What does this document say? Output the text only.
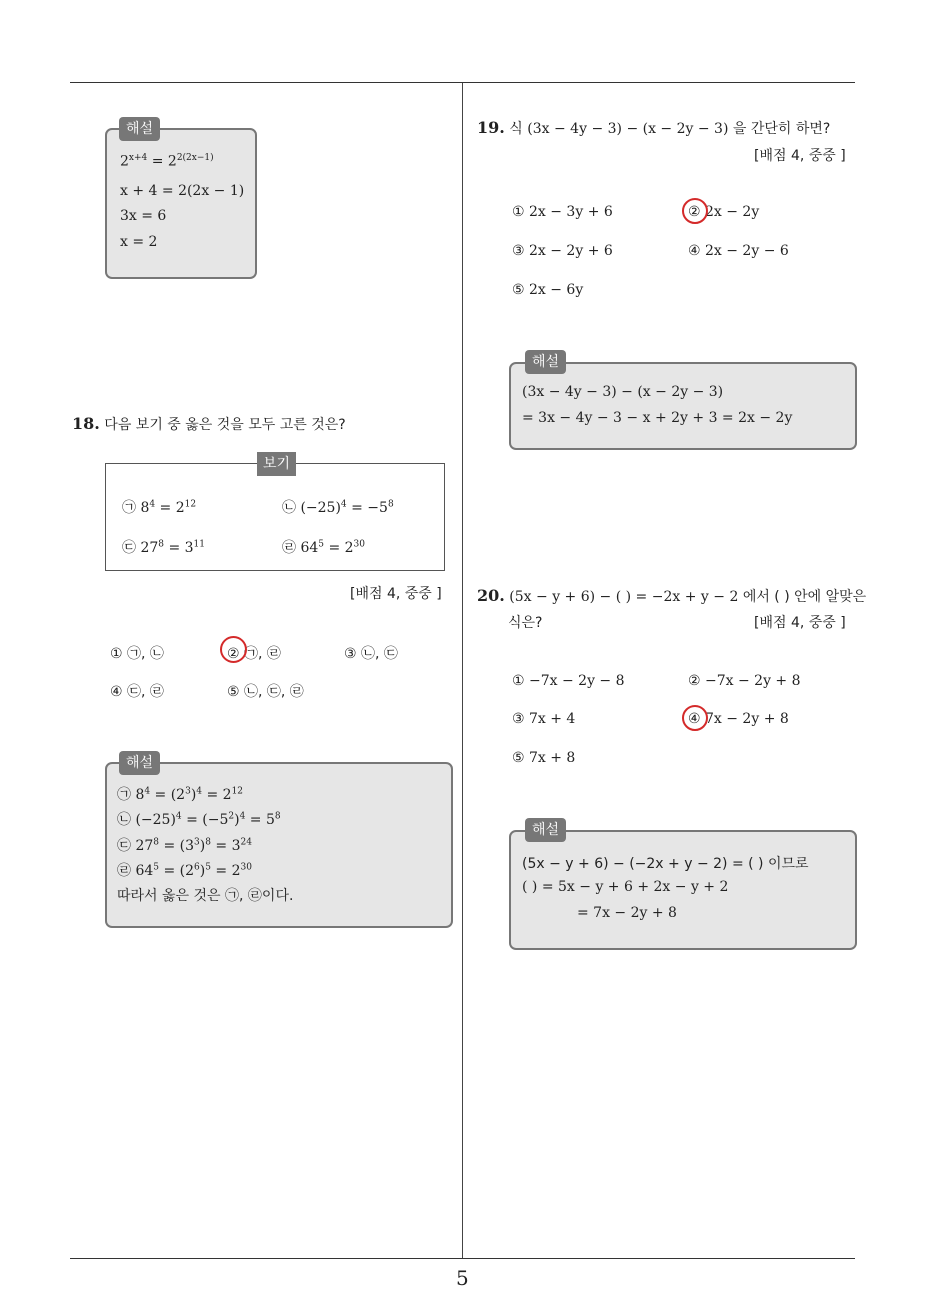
5
해설
$2^{x+4} = 2^{2(2x-1)}$
x + 4 = 2(2x − 1)
3x = 6
x = 2
18. 다음 보기 중 옳은 것을 모두 고른 것은?
보기
㉠ $8^4 = 2^{12}$	㉡ $(-25)^4 = -5^8$
㉢ $27^8 = 3^{11}$	㉣ $64^5 = 2^{30}$
[배점 4, 중중 ]
① ㉠, ㉡	② ㉠, ㉣	③ ㉡, ㉢
④ ㉢, ㉣	⑤ ㉡, ㉢, ㉣
해설
㉠ $8^4 = (2^3)^4 = 2^{12}$
㉡ $(-25)^4 = (-5^2)^4 = 5^8$
㉢ $27^8 = (3^3)^8 = 3^{24}$
㉣ $64^5 = (2^6)^5 = 2^{30}$
따라서 옳은 것은 ㉠, ㉣이다.
19. 식 (3x − 4y − 3) − (x − 2y − 3) 을 간단히 하면?
[배점 4, 중중 ]
① 2x − 3y + 6	② 2x − 2y
③ 2x − 2y + 6	④ 2x − 2y − 6
⑤ 2x − 6y
해설
(3x − 4y − 3) − (x − 2y − 3)
= 3x − 4y − 3 − x + 2y + 3 = 2x − 2y
20. (5x − y + 6) − ( ) = −2x + y − 2 에서 ( ) 안에 알맞은
식은?	[배점 4, 중중 ]
① −7x − 2y − 8	② −7x − 2y + 8
③ 7x + 4	④ 7x − 2y + 8
⑤ 7x + 8
해설
(5x − y + 6) − (−2x + y − 2) = ( ) 이므로
( ) = 5x − y + 6 + 2x − y + 2
= 7x − 2y + 8
